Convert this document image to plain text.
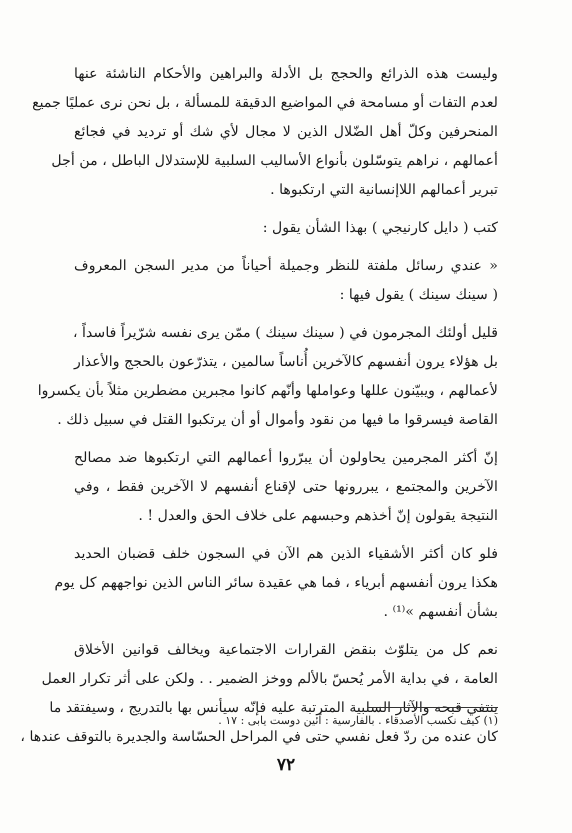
وليست هذه الذرائع والحجج بل الأدلة والبراهين والأحكام الناشئة عنها
لعدم التفات أو مسامحة في المواضيع الدقيقة للمسألة ، بل نحن نرى عمليًا جميع
المنحرفين وكلّ أهل الضّلال الذين لا مجال لأي شك أو ترديد في فجائع
أعمالهم ، نراهم يتوسّلون بأنواع الأساليب السلبية للإستدلال الباطل ، من أجل
تبرير أعمالهم اللاإنسانية التي ارتكبوها .

كتب ( دايل كارنيجي ) بهذا الشأن يقول :

« عندي رسائل ملفتة للنظر وجميلة أحياناً من مدير السجن المعروف
( سينك سينك ) يقول فيها :

قليل أولئك المجرمون في ( سينك سينك ) ممّن يرى نفسه شرّيراً فاسداً ،
بل هؤلاء يرون أنفسهم كالآخرين أُناساً سالمين ، يتذرّعون بالحجج والأعذار
لأعمالهم ، ويبيّنون عللها وعواملها وأنّهم كانوا مجبرين مضطرين مثلاً بأن يكسروا
القاصة فيسرقوا ما فيها من نقود وأموال أو أن يرتكبوا القتل في سبيل ذلك .

إنّ أكثر المجرمين يحاولون أن يبرّروا أعمالهم التي ارتكبوها ضد مصالح
الآخرين والمجتمع ، يبررونها حتى لإقناع أنفسهم لا الآخرين فقط ، وفي
النتيجة يقولون إنّ أخذهم وحبسهم على خلاف الحق والعدل ! .

فلو كان أكثر الأشقياء الذين هم الآن في السجون خلف قضبان الحديد
هكذا يرون أنفسهم أبرياء ، فما هي عقيدة سائر الناس الذين نواجههم كل يوم
بشأن أنفسهم »⁽¹⁾ .

نعم كل من يتلوّث بنقض القرارات الاجتماعية ويخالف قوانين الأخلاق
العامة ، في بداية الأمر يُحسّ بالألم ووخز الضمير . . ولكن على أثر تكرار العمل
ينتفي قبحه والآثار السلبية المترتبة عليه فإنّه سيأنس بها بالتدريج ، وسيفتقد ما
كان عنده من ردّ فعل نفسي حتى في المراحل الحسّاسة والجديرة بالتوقف عندها ،

(١) كيف نكسب الأصدقاء . بالفارسية : آئين دوست يابى : ١٧ .
٧٢
